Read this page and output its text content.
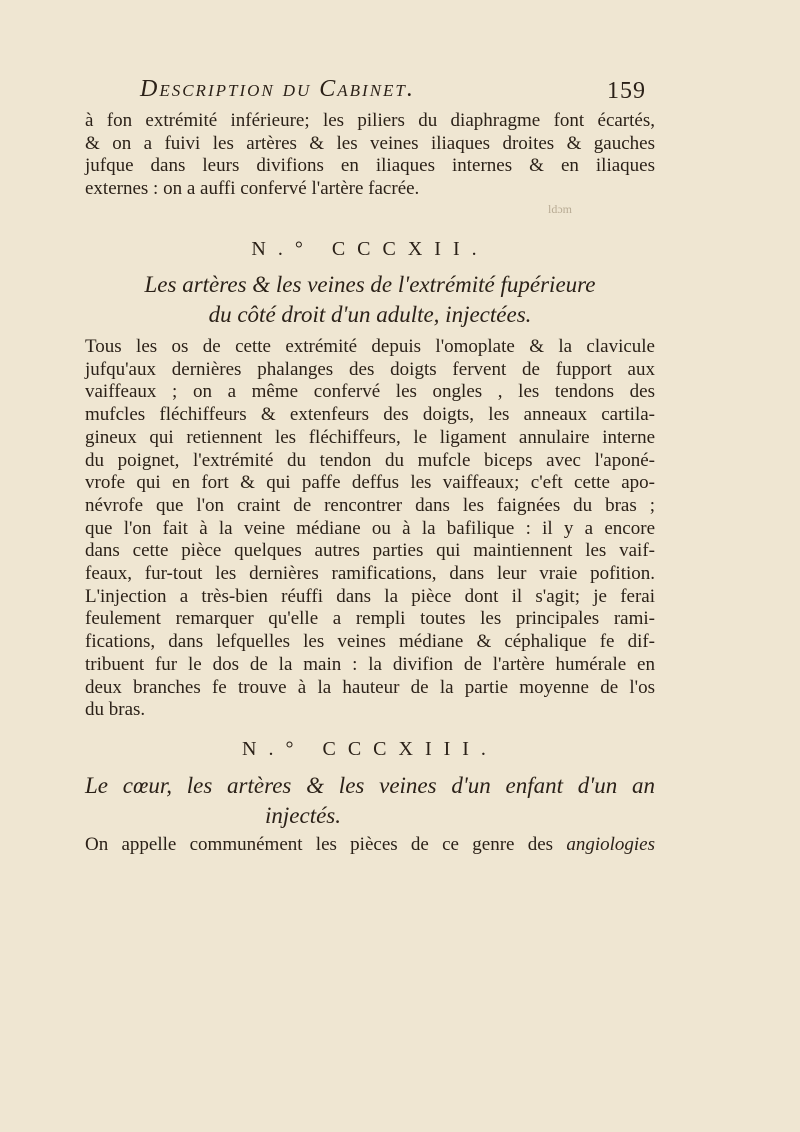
Description du Cabinet.	159
à fon extrémité inférieure; les piliers du diaphragme font écartés,
& on a fuivi les artères & les veines iliaques droites & gauches
jufque dans leurs divifions en iliaques internes & en iliaques
externes : on a auffi confervé l'artère facrée.
ldɔm
N.° CCCXII.
Les artères & les veines de l'extrémité fupérieure
du côté droit d'un adulte, injectées.
Tous les os de cette extrémité depuis l'omoplate & la clavicule
jufqu'aux dernières phalanges des doigts fervent de fupport aux
vaiffeaux ; on a même confervé les ongles , les tendons des
mufcles fléchiffeurs & extenfeurs des doigts, les anneaux cartila-
gineux qui retiennent les fléchiffeurs, le ligament annulaire interne
du poignet, l'extrémité du tendon du mufcle biceps avec l'aponé-
vrofe qui en fort & qui paffe deffus les vaiffeaux; c'eft cette apo-
névrofe que l'on craint de rencontrer dans les faignées du bras ;
que l'on fait à la veine médiane ou à la bafilique : il y a encore
dans cette pièce quelques autres parties qui maintiennent les vaif-
feaux, fur-tout les dernières ramifications, dans leur vraie pofition.
L'injection a très-bien réuffi dans la pièce dont il s'agit; je ferai
feulement remarquer qu'elle a rempli toutes les principales rami-
fications, dans lefquelles les veines médiane & céphalique fe dif-
tribuent fur le dos de la main : la divifion de l'artère humérale en
deux branches fe trouve à la hauteur de la partie moyenne de l'os
du bras.
N.° CCCXIII.
Le cœur, les artères & les veines d'un enfant d'un an
injectés.
On appelle communément les pièces de ce genre des angiologies
